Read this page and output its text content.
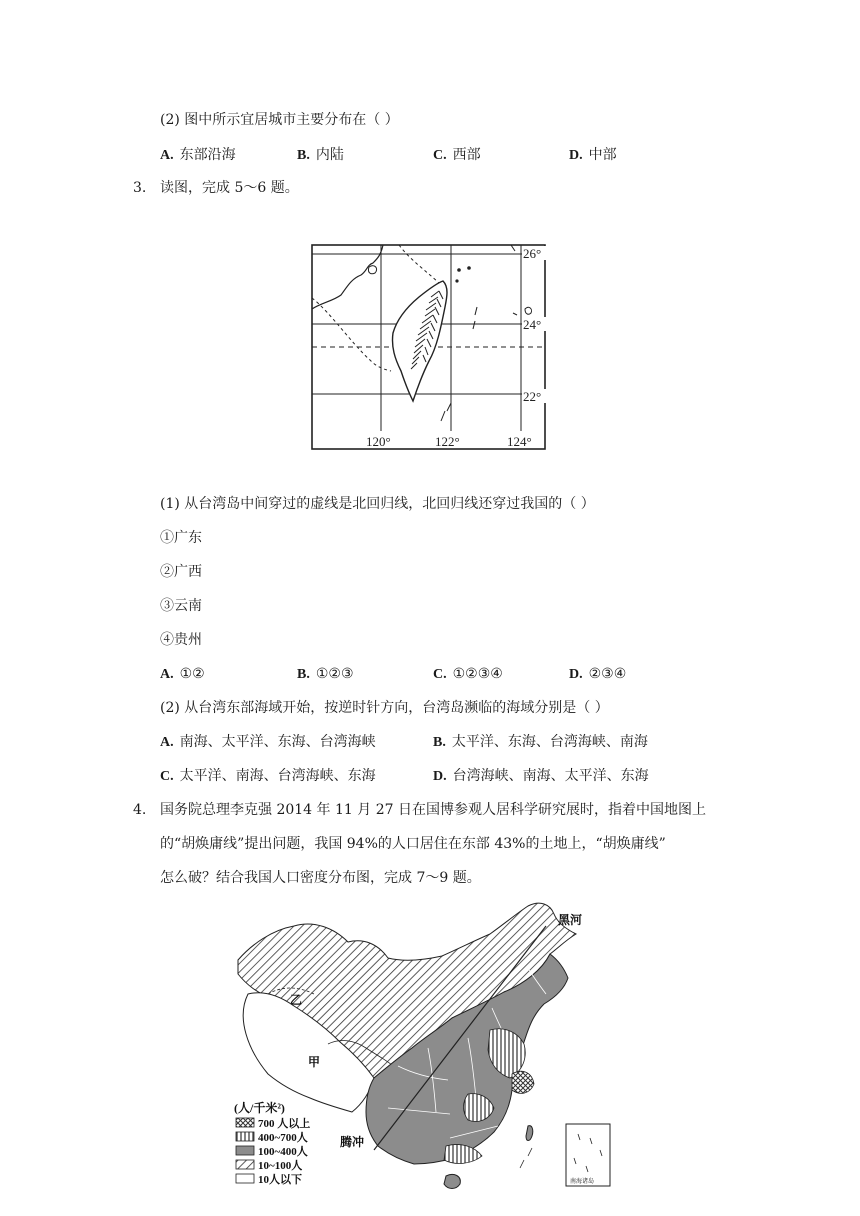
(2) 图中所示宜居城市主要分布在（ ）
A. 东部沿海	B. 内陆	C. 西部	D. 中部
3. 读图，完成 5～6 题。
26°
24°
22°
120°	122°	124°
(1) 从台湾岛中间穿过的虚线是北回归线，北回归线还穿过我国的（ ）
①广东
②广西
③云南
④贵州
A. ①②	B. ①②③	C. ①②③④	D. ②③④
(2) 从台湾东部海域开始，按逆时针方向，台湾岛濒临的海域分别是（ ）
A. 南海、太平洋、东海、台湾海峡	B. 太平洋、东海、台湾海峡、南海
C. 太平洋、南海、台湾海峡、东海	D. 台湾海峡、南海、太平洋、东海
4. 国务院总理李克强 2014 年 11 月 27 日在国博参观人居科学研究展时，指着中国地图上
的“胡焕庸线”提出问题，我国 94%的人口居住在东部 43%的土地上，“胡焕庸线”
怎么破？结合我国人口密度分布图，完成 7～9 题。
(人/千米²)
700 人以上
400~700人
100~400人
10~100人
10人以下
黑河
腾冲
甲
乙
南海诸岛
